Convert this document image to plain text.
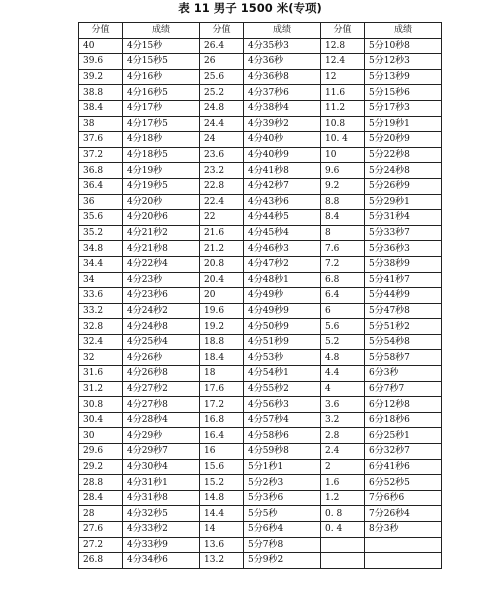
表 11 男子 1500 米(专项)
分值	成绩	分值	成绩	分值	成绩
40	4分15秒	26.4	4分35秒3	12.8	5分10秒8
39.6	4分15秒5	26	4分36秒	12.4	5分12秒3
39.2	4分16秒	25.6	4分36秒8	12	5分13秒9
38.8	4分16秒5	25.2	4分37秒6	11.6	5分15秒6
38.4	4分17秒	24.8	4分38秒4	11.2	5分17秒3
38	4分17秒5	24.4	4分39秒2	10.8	5分19秒1
37.6	4分18秒	24	4分40秒	10. 4	5分20秒9
37.2	4分18秒5	23.6	4分40秒9	10	5分22秒8
36.8	4分19秒	23.2	4分41秒8	9.6	5分24秒8
36.4	4分19秒5	22.8	4分42秒7	9.2	5分26秒9
36	4分20秒	22.4	4分43秒6	8.8	5分29秒1
35.6	4分20秒6	22	4分44秒5	8.4	5分31秒4
35.2	4分21秒2	21.6	4分45秒4	8	5分33秒7
34.8	4分21秒8	21.2	4分46秒3	7.6	5分36秒3
34.4	4分22秒4	20.8	4分47秒2	7.2	5分38秒9
34	4分23秒	20.4	4分48秒1	6.8	5分41秒7
33.6	4分23秒6	20	4分49秒	6.4	5分44秒9
33.2	4分24秒2	19.6	4分49秒9	6	5分47秒8
32.8	4分24秒8	19.2	4分50秒9	5.6	5分51秒2
32.4	4分25秒4	18.8	4分51秒9	5.2	5分54秒8
32	4分26秒	18.4	4分53秒	4.8	5分58秒7
31.6	4分26秒8	18	4分54秒1	4.4	6分3秒
31.2	4分27秒2	17.6	4分55秒2	4	6分7秒7
30.8	4分27秒8	17.2	4分56秒3	3.6	6分12秒8
30.4	4分28秒4	16.8	4分57秒4	3.2	6分18秒6
30	4分29秒	16.4	4分58秒6	2.8	6分25秒1
29.6	4分29秒7	16	4分59秒8	2.4	6分32秒7
29.2	4分30秒4	15.6	5分1秒1	2	6分41秒6
28.8	4分31秒1	15.2	5分2秒3	1.6	6分52秒5
28.4	4分31秒8	14.8	5分3秒6	1.2	7分6秒6
28	4分32秒5	14.4	5分5秒	0. 8	7分26秒4
27.6	4分33秒2	14	5分6秒4	0. 4	8分3秒
27.2	4分33秒9	13.6	5分7秒8		
26.8	4分34秒6	13.2	5分9秒2		
